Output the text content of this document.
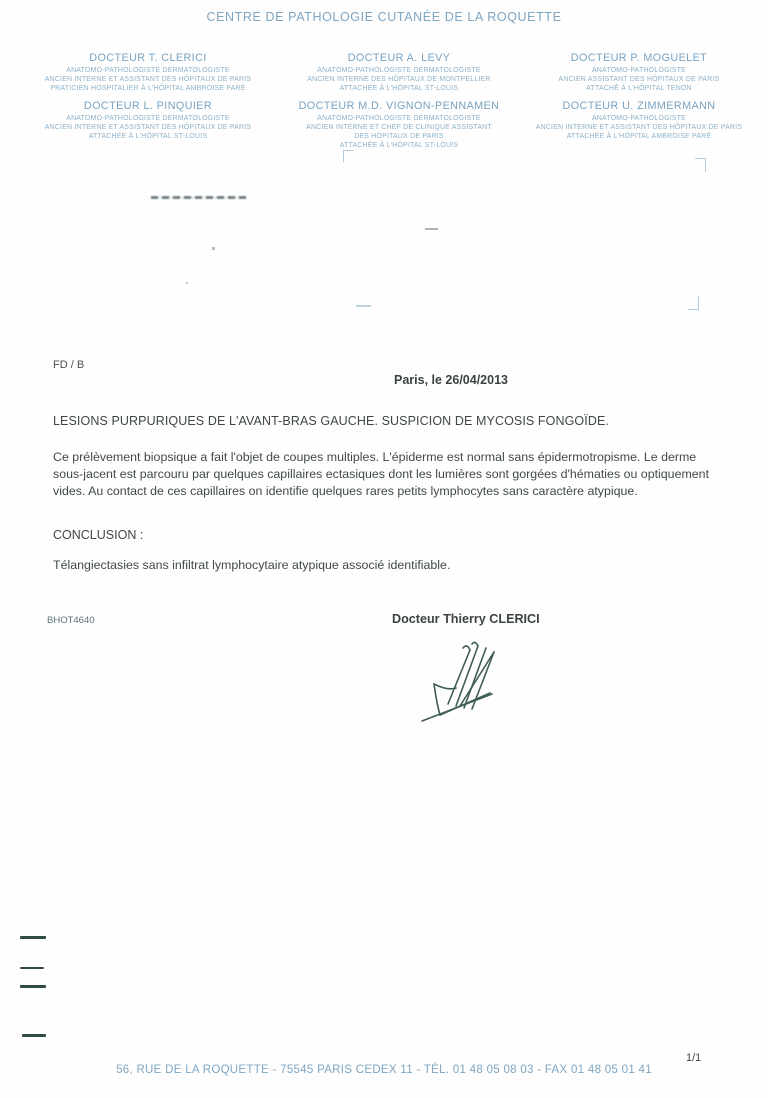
CENTRE DE PATHOLOGIE CUTANÉE DE LA ROQUETTE
DOCTEUR T. CLERICI
ANATOMO-PATHOLOGISTE DERMATOLOGISTE
ANCIEN INTERNE ET ASSISTANT DES HÔPITAUX DE PARIS
PRATICIEN HOSPITALIER À L'HÔPITAL AMBROISE PARÉ
DOCTEUR L. PINQUIER
ANATOMO-PATHOLOGISTE DERMATOLOGISTE
ANCIEN INTERNE ET ASSISTANT DES HÔPITAUX DE PARIS
ATTACHÉE À L'HÔPITAL ST-LOUIS
DOCTEUR A. LEVY
ANATOMO-PATHOLOGISTE DERMATOLOGISTE
ANCIEN INTERNE DES HÔPITAUX DE MONTPELLIER
ATTACHÉE À L'HÔPITAL ST-LOUIS
DOCTEUR M.D. VIGNON-PENNAMEN
ANATOMO-PATHOLOGISTE DERMATOLOGISTE
ANCIEN INTERNE ET CHEF DE CLINIQUE ASSISTANT
DES HÔPITAUX DE PARIS
ATTACHÉE À L'HÔPITAL ST-LOUIS
DOCTEUR P. MOGUELET
ANATOMO-PATHOLOGISTE
ANCIEN ASSISTANT DES HÔPITAUX DE PARIS
ATTACHÉ À L'HÔPITAL TENON
DOCTEUR U. ZIMMERMANN
ANATOMO-PATHOLOGISTE
ANCIEN INTERNE ET ASSISTANT DES HÔPITAUX DE PARIS
ATTACHÉE À L'HÔPITAL AMBROISE PARÉ
FD / B
Paris, le 26/04/2013
LESIONS PURPURIQUES DE L'AVANT-BRAS GAUCHE. SUSPICION DE MYCOSIS FONGOÏDE.
Ce prélèvement biopsique a fait l'objet de coupes multiples. L'épiderme est normal sans épidermotropisme. Le derme sous-jacent est parcouru par quelques capillaires ectasiques dont les lumières sont gorgées d'hématies ou optiquement vides. Au contact de ces capillaires on identifie quelques rares petits lymphocytes sans caractère atypique.
CONCLUSION :
Télangiectasies sans infiltrat lymphocytaire atypique associé identifiable.
BHOT4640	Docteur Thierry CLERICI
1/1
56, RUE DE LA ROQUETTE - 75545 PARIS CEDEX 11 - TÉL. 01 48 05 08 03 - FAX 01 48 05 01 41
